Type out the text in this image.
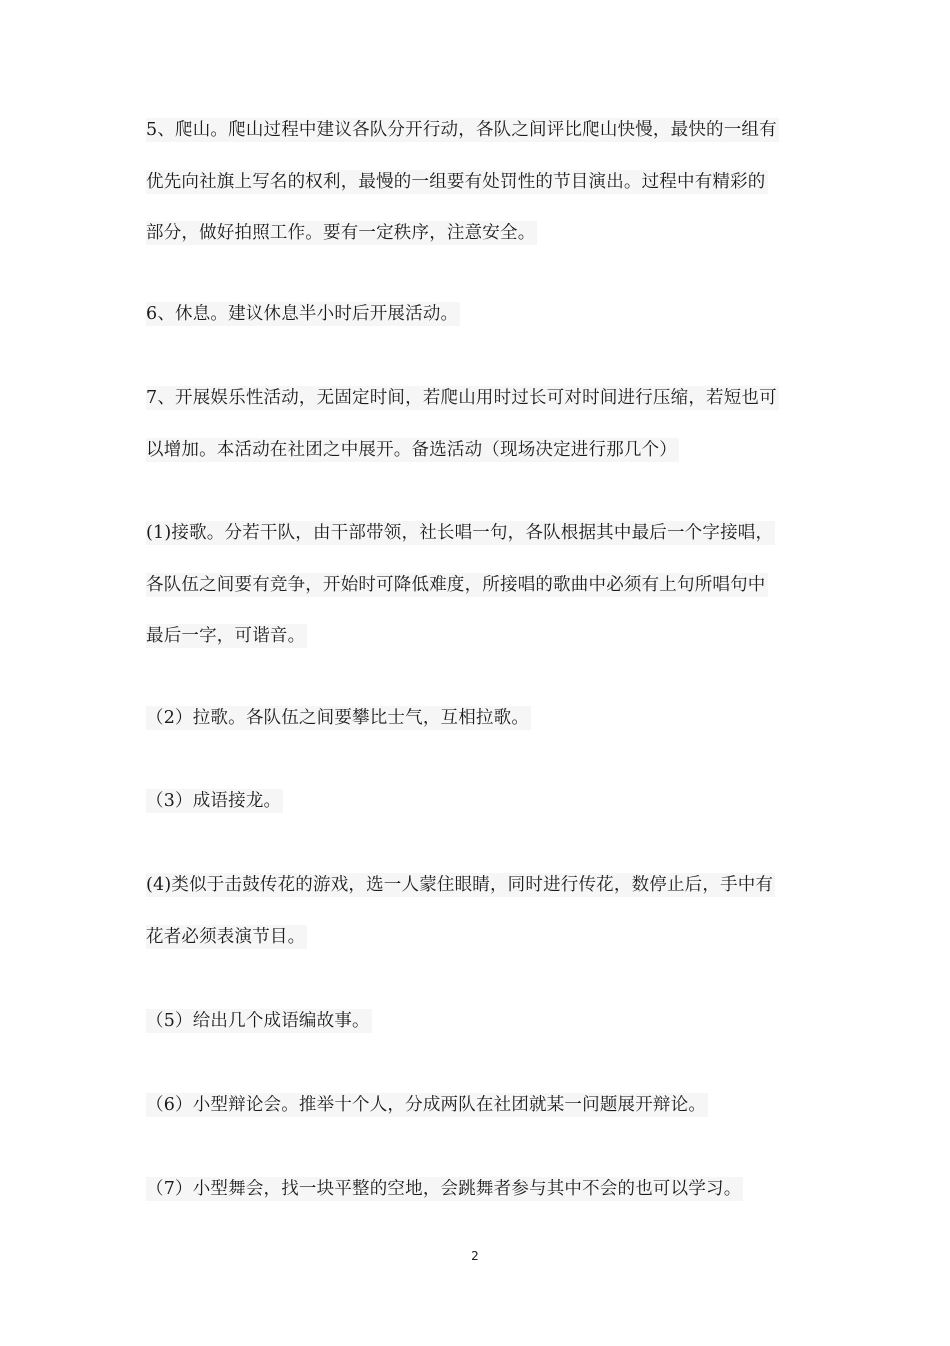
5、爬山。爬山过程中建议各队分开行动，各队之间评比爬山快慢，最快的一组有
优先向社旗上写名的权利，最慢的一组要有处罚性的节目演出。过程中有精彩的
部分，做好拍照工作。要有一定秩序，注意安全。
6、休息。建议休息半小时后开展活动。
7、开展娱乐性活动，无固定时间，若爬山用时过长可对时间进行压缩，若短也可
以增加。本活动在社团之中展开。备选活动（现场决定进行那几个）
(1)接歌。分若干队，由干部带领，社长唱一句，各队根据其中最后一个字接唱，
各队伍之间要有竞争，开始时可降低难度，所接唱的歌曲中必须有上句所唱句中
最后一字，可谐音。
（2）拉歌。各队伍之间要攀比士气，互相拉歌。
（3）成语接龙。
(4)类似于击鼓传花的游戏，选一人蒙住眼睛，同时进行传花，数停止后，手中有
花者必须表演节目。
（5）给出几个成语编故事。
（6）小型辩论会。推举十个人，分成两队在社团就某一问题展开辩论。
（7）小型舞会，找一块平整的空地，会跳舞者参与其中不会的也可以学习。
2
